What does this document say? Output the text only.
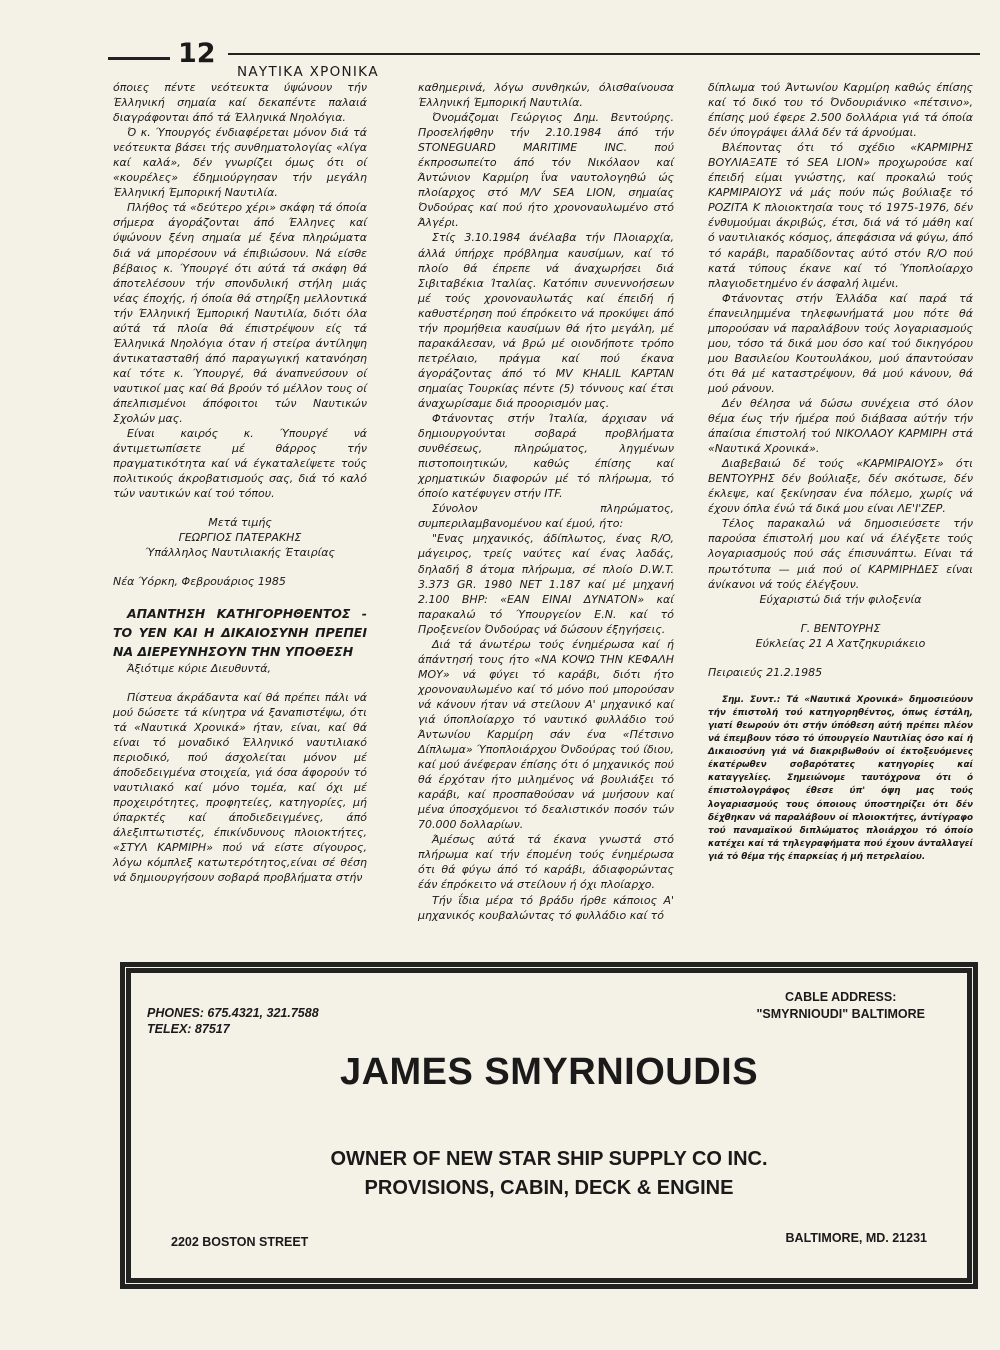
12
ΝΑΥΤΙΚΑ ΧΡΟΝΙΚΑ

όποιες πέντε νεότευκτα ύψώνουν τήν Έλληνική σημαία καί δεκαπέντε παλαιά διαγράφονται άπό τά Έλληνικά Νηολόγια.

Ό κ. Ύπουργός ένδιαφέρεται μόνον διά τά νεότευκτα βάσει τής συνθηματολογίας «λίγα καί καλά», δέν γνωρίζει όμως ότι οί «κουρέλες» έδημιούργησαν τήν μεγάλη Έλληνική Έμπορική Ναυτιλία.

Πλήθος τά «δεύτερο χέρι» σκάφη τά όποία σήμερα άγοράζονται άπό Έλληνες καί ύψώνουν ξένη σημαία μέ ξένα πληρώματα διά νά μπορέσουν νά έπιβιώσουν. Νά είσθε βέβαιος κ. Ύπουργέ ότι αύτά τά σκάφη θά άποτελέσουν τήν σπονδυλική στήλη μιάς νέας έποχής, ή όποία θά στηρίξη μελλοντικά τήν Έλληνική Έμπορική Ναυτιλία, διότι όλα αύτά τά πλοία θά έπιστρέψουν είς τά Έλληνικά Νηολόγια όταν ή στείρα άντίληψη άντικατασταθή άπό παραγωγική κατανόηση καί τότε κ. Ύπουργέ, θά άναπνεύσουν οί ναυτικοί μας καί θά βρούν τό μέλλον τους οί άπελπισμένοι άπόφοιτοι τών Ναυτικών Σχολών μας.

Είναι καιρός κ. Ύπουργέ νά άντιμετωπίσετε μέ θάρρος τήν πραγματικότητα καί νά έγκαταλείψετε τούς πολιτικούς άκροβατισμούς σας, διά τό καλό τών ναυτικών καί τού τόπου.

Μετά τιμής

ΓΕΩΡΓΙΟΣ ΠΑΤΕΡΑΚΗΣ

Ύπάλληλος Ναυτιλιακής Έταιρίας

Νέα Ύόρκη, Φεβρουάριος 1985

ΑΠΑΝΤΗΣΗ ΚΑΤΗΓΟΡΗΘΕΝΤΟΣ - ΤΟ ΥΕΝ ΚΑΙ Η ΔΙΚΑΙΟΣΥΝΗ ΠΡΕΠΕΙ ΝΑ ΔΙΕΡΕΥΝΗΣΟΥΝ ΤΗΝ ΥΠΟΘΕΣΗ

Άξιότιμε κύριε Διευθυντά,

Πίστευα άκράδαντα καί θά πρέπει πάλι νά μού δώσετε τά κίνητρα νά ξαναπιστέψω, ότι τά «Ναυτικά Χρονικά» ήταν, είναι, καί θά είναι τό μοναδικό Έλληνικό ναυτιλιακό περιοδικό, πού άσχολείται μόνον μέ άποδεδειγμένα στοιχεία, γιά όσα άφορούν τό ναυτιλιακό καί μόνο τομέα, καί όχι μέ προχειρότητες, προφητείες, κατηγορίες, μή ύπαρκτές καί άποδιεδειγμένες, άπό άλεξιπτωτιστές, έπικίνδυνους πλοιοκτήτες, «ΣΤΥΛ ΚΑΡΜΙΡΗ» πού νά είστε σίγουρος, λόγω κόμπλεξ κατωτερότητος,είναι σέ θέση νά δημιουργήσουν σοβαρά προβλήματα στήν

καθημερινά, λόγω συνθηκών, όλισθαίνουσα Έλληνική Έμπορική Ναυτιλία.

Όνομάζομαι Γεώργιος Δημ. Βεντούρης. Προσελήφθην τήν 2.10.1984 άπό τήν STONEGUARD MARITIME INC. πού έκπροσωπείτο άπό τόν Νικόλαον καί Άντώνιον Καρμίρη ΐνα ναυτολογηθώ ώς πλοίαρχος στό M/V SEA LION, σημαίας Όνδούρας καί πού ήτο χρονοναυλωμένο στό Άλγέρι.

Στίς 3.10.1984 άνέλαβα τήν Πλοιαρχία, άλλά ύπήρχε πρόβλημα καυσίμων, καί τό πλοίο θά έπρεπε νά άναχωρήσει διά Σιβιταβέκια Ίταλίας. Κατόπιν συνεννοήσεων μέ τούς χρονοναυλωτάς καί έπειδή ή καθυστέρηση πού έπρόκειτο νά προκύψει άπό τήν προμήθεια καυσίμων θά ήτο μεγάλη, μέ παρακάλεσαν, νά βρώ μέ οιονδήποτε τρόπο πετρέλαιο, πράγμα καί πού έκανα άγοράζοντας άπό τό MV KHALIL KAPTAN σημαίας Τουρκίας πέντε (5) τόννους καί έτσι άναχωρίσαμε διά προορισμόν μας.

Φτάνοντας στήν Ίταλία, άρχισαν νά δημιουργούνται σοβαρά προβλήματα συνθέσεως, πληρώματος, ληγμένων πιστοποιητικών, καθώς έπίσης καί χρηματικών διαφορών μέ τό πλήρωμα, τό όποίο κατέφυγεν στήν ITF.

Σύνολον πληρώματος, συμπεριλαμβανομένου καί έμού, ήτο:

"Ενας μηχανικός, άδίπλωτος, ένας R/O, μάγειρος, τρείς ναύτες καί ένας λαδάς, δηλαδή 8 άτομα πλήρωμα, σέ πλοίο D.W.T. 3.373 GR. 1980 NET 1.187 καί μέ μηχανή 2.100 BHP: «ΕΑΝ ΕΙΝΑΙ ΔΥΝΑΤΟΝ» καί παρακαλώ τό Ύπουργείον Ε.Ν. καί τό Προξενείον Όνδούρας νά δώσουν έξηγήσεις.

Διά τά άνωτέρω τούς ένημέρωσα καί ή άπάντησή τους ήτο «ΝΑ ΚΟΨΩ ΤΗΝ ΚΕΦΑΛΗ ΜΟΥ» νά φύγει τό καράβι, διότι ήτο χρονοναυλωμένο καί τό μόνο πού μπορούσαν νά κάνουν ήταν νά στείλουν Α' μηχανικό καί γιά ύποπλοίαρχο τό ναυτικό φυλλάδιο τού Άντωνίου Καρμίρη σάν ένα «Πέτσινο Δίπλωμα» Ύποπλοιάρχου Όνδούρας τού ίδιου, καί μού άνέφεραν έπίσης ότι ό μηχανικός πού θά έρχόταν ήτο μιλημένος νά βουλιάξει τό καράβι, καί προσπαθούσαν νά μυήσουν καί μένα ύποσχόμενοι τό δεαλιστικόν ποσόν τών 70.000 δολλαρίων.

Άμέσως αύτά τά έκανα γνωστά στό πλήρωμα καί τήν έπομένη τούς ένημέρωσα ότι θά φύγω άπό τό καράβι, άδιαφορώντας έάν έπρόκειτο νά στείλουν ή όχι πλοίαρχο.

Τήν ΐδια μέρα τό βράδυ ήρθε κάποιος Α' μηχανικός κουβαλώντας τό φυλλάδιο καί τό

δίπλωμα τού Άντωνίου Καρμίρη καθώς έπίσης καί τό δικό του τό Όνδουριάνικο «πέτσινο», έπίσης μού έφερε 2.500 δολλάρια γιά τά όποία δέν ύπογράψει άλλά δέν τά άρνούμαι.

Βλέποντας ότι τό σχέδιο «ΚΑΡΜΙΡΗΣ ΒΟΥΛΙΑΞΑΤΕ τό SEA LION» προχωρούσε καί έπειδή είμαι γνώστης, καί προκαλώ τούς ΚΑΡΜΙΡΑΙΟΥΣ νά μάς πούν πώς βούλιαξε τό ΡΟΖΙΤΑ Κ πλοιοκτησία τους τό 1975-1976, δέν ένθυμούμαι άκριβώς, έτσι, διά νά τό μάθη καί ό ναυτιλιακός κόσμος, άπεφάσισα νά φύγω, άπό τό καράβι, παραδίδοντας αύτό στόν R/O πού κατά τύπους έκανε καί τό Ύποπλοίαρχο πλαγιοδετημένο έν άσφαλή λιμένι.

Φτάνοντας στήν Έλλάδα καί παρά τά έπανειλημμένα τηλεφωνήματά μου πότε θά μπορούσαν νά παραλάβουν τούς λογαριασμούς μου, τόσο τά δικά μου όσο καί τού δικηγόρου μου Βασιλείου Κουτουλάκου, μού άπαντούσαν ότι θά μέ καταστρέψουν, θά μού κάνουν, θά μού ράνουν.

Δέν θέλησα νά δώσω συνέχεια στό όλον θέμα έως τήν ήμέρα πού διάβασα αύτήν τήν άπαίσια έπιστολή τού ΝΙΚΟΛΑΟΥ ΚΑΡΜΙΡΗ στά «Ναυτικά Χρονικά».

Διαβεβαιώ δέ τούς «ΚΑΡΜΙΡΑΙΟΥΣ» ότι ΒΕΝΤΟΥΡΗΣ δέν βούλιαξε, δέν σκότωσε, δέν έκλεψε, καί ξεκίνησαν ένα πόλεμο, χωρίς νά έχουν όπλα ένώ τά δικά μου είναι ΛΕ'Ι'ΖΕΡ.

Τέλος παρακαλώ νά δημοσιεύσετε τήν παρούσα έπιστολή μου καί νά έλέγξετε τούς λογαριασμούς πού σάς έπισυνάπτω. Είναι τά πρωτότυπα — μιά πού οί ΚΑΡΜΙΡΗΔΕΣ είναι άνίκανοι νά τούς έλέγξουν.

Εύχαριστώ διά τήν φιλοξενία

Γ. ΒΕΝΤΟΥΡΗΣ

Εύκλείας 21 Α Χατζηκυριάκειο

Πειραιεύς 21.2.1985

Σημ. Συντ.: Τά «Ναυτικά Χρονικά» δημοσιεύουν τήν έπιστολή τού κατηγορηθέντος, όπως έστάλη, γιατί θεωρούν ότι στήν ύπόθεση αύτή πρέπει πλέον νά έπεμβουν τόσο τό ύπουργείο Ναυτιλίας όσο καί ή Δικαιοσύνη γιά νά διακριβωθούν οί έκτοξευόμενες έκατέρωθεν σοβαρότατες κατηγορίες καί καταγγελίες. Σημειώνομε ταυτόχρονα ότι ό έπιστολογράφος έθεσε ύπ' όψη μας τούς λογαριασμούς τους όποιους ύποστηρίζει ότι δέν δέχθηκαν νά παραλάβουν οί πλοιοκτήτες, άντίγραφο τού παναμαϊκού διπλώματος πλοιάρχου τό όποίο κατέχει καί τά τηλεγραφήματα πού έχουν άνταλλαγεί γιά τό θέμα τής έπαρκείας ή μή πετρελαίου.

PHONES: 675.4321, 321.7588
TELEX: 87517
CABLE ADDRESS:
"SMYRNIOUDI" BALTIMORE
JAMES SMYRNIOUDIS
OWNER OF NEW STAR SHIP SUPPLY CO INC.
PROVISIONS, CABIN, DECK & ENGINE
2202 BOSTON STREET	BALTIMORE, MD. 21231
